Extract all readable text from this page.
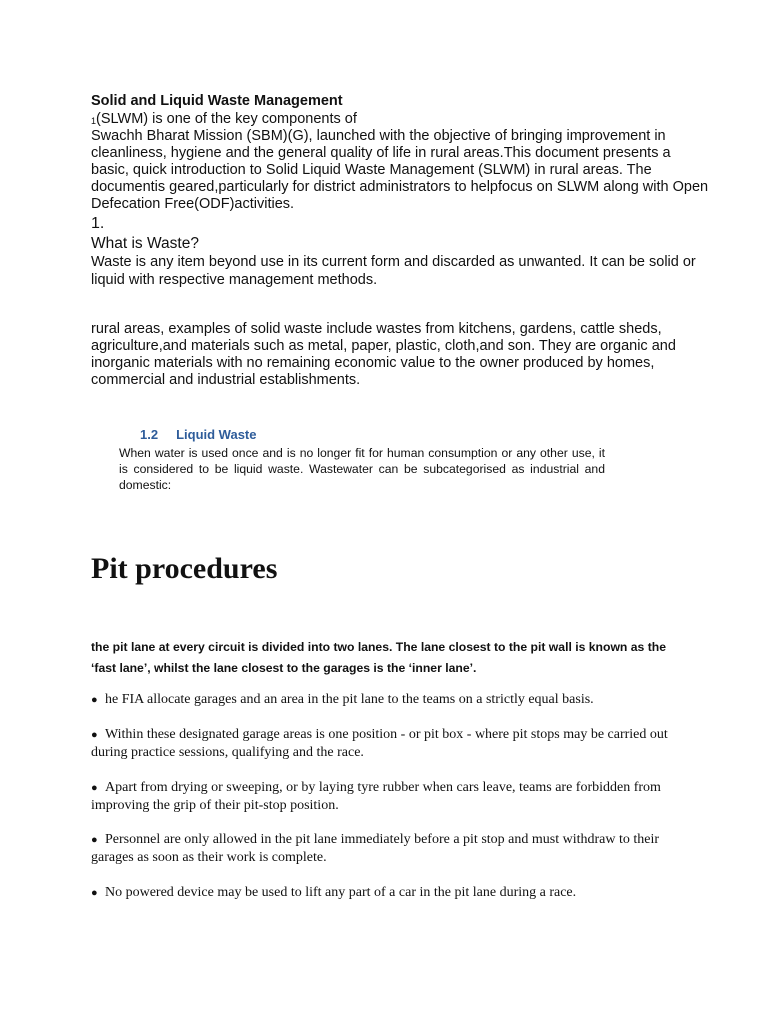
Solid and Liquid Waste Management
$^1$(SLWM) is one of the key components of
Swachh Bharat Mission (SBM)(G), launched with the objective of bringing improvement in cleanliness, hygiene and the general quality of life in rural areas.This document presents a basic, quick introduction to Solid Liquid Waste Management (SLWM) in rural areas. The documentis geared,particularly for district administrators to helpfocus on SLWM along with Open Defecation Free(ODF)activities.
1.
What is Waste?
Waste is any item beyond use in its current form and discarded as unwanted. It can be solid or liquid with respective management methods.
rural areas, examples of solid waste include wastes from kitchens, gardens, cattle sheds, agriculture,and materials such as metal, paper, plastic, cloth,and son. They are organic and inorganic materials with no remaining economic value to the owner produced by homes, commercial and industrial establishments.
1.2 Liquid Waste
When water is used once and is no longer fit for human consumption or any other use, it is considered to be liquid waste. Wastewater can be subcategorised as industrial and domestic:
Pit procedures
the pit lane at every circuit is divided into two lanes. The lane closest to the pit wall is known as the ‘fast lane’, whilst the lane closest to the garages is the ‘inner lane’.
● he FIA allocate garages and an area in the pit lane to the teams on a strictly equal basis.
● Within these designated garage areas is one position - or pit box - where pit stops may be carried out during practice sessions, qualifying and the race.
● Apart from drying or sweeping, or by laying tyre rubber when cars leave, teams are forbidden from improving the grip of their pit-stop position.
● Personnel are only allowed in the pit lane immediately before a pit stop and must withdraw to their garages as soon as their work is complete.
● No powered device may be used to lift any part of a car in the pit lane during a race.
